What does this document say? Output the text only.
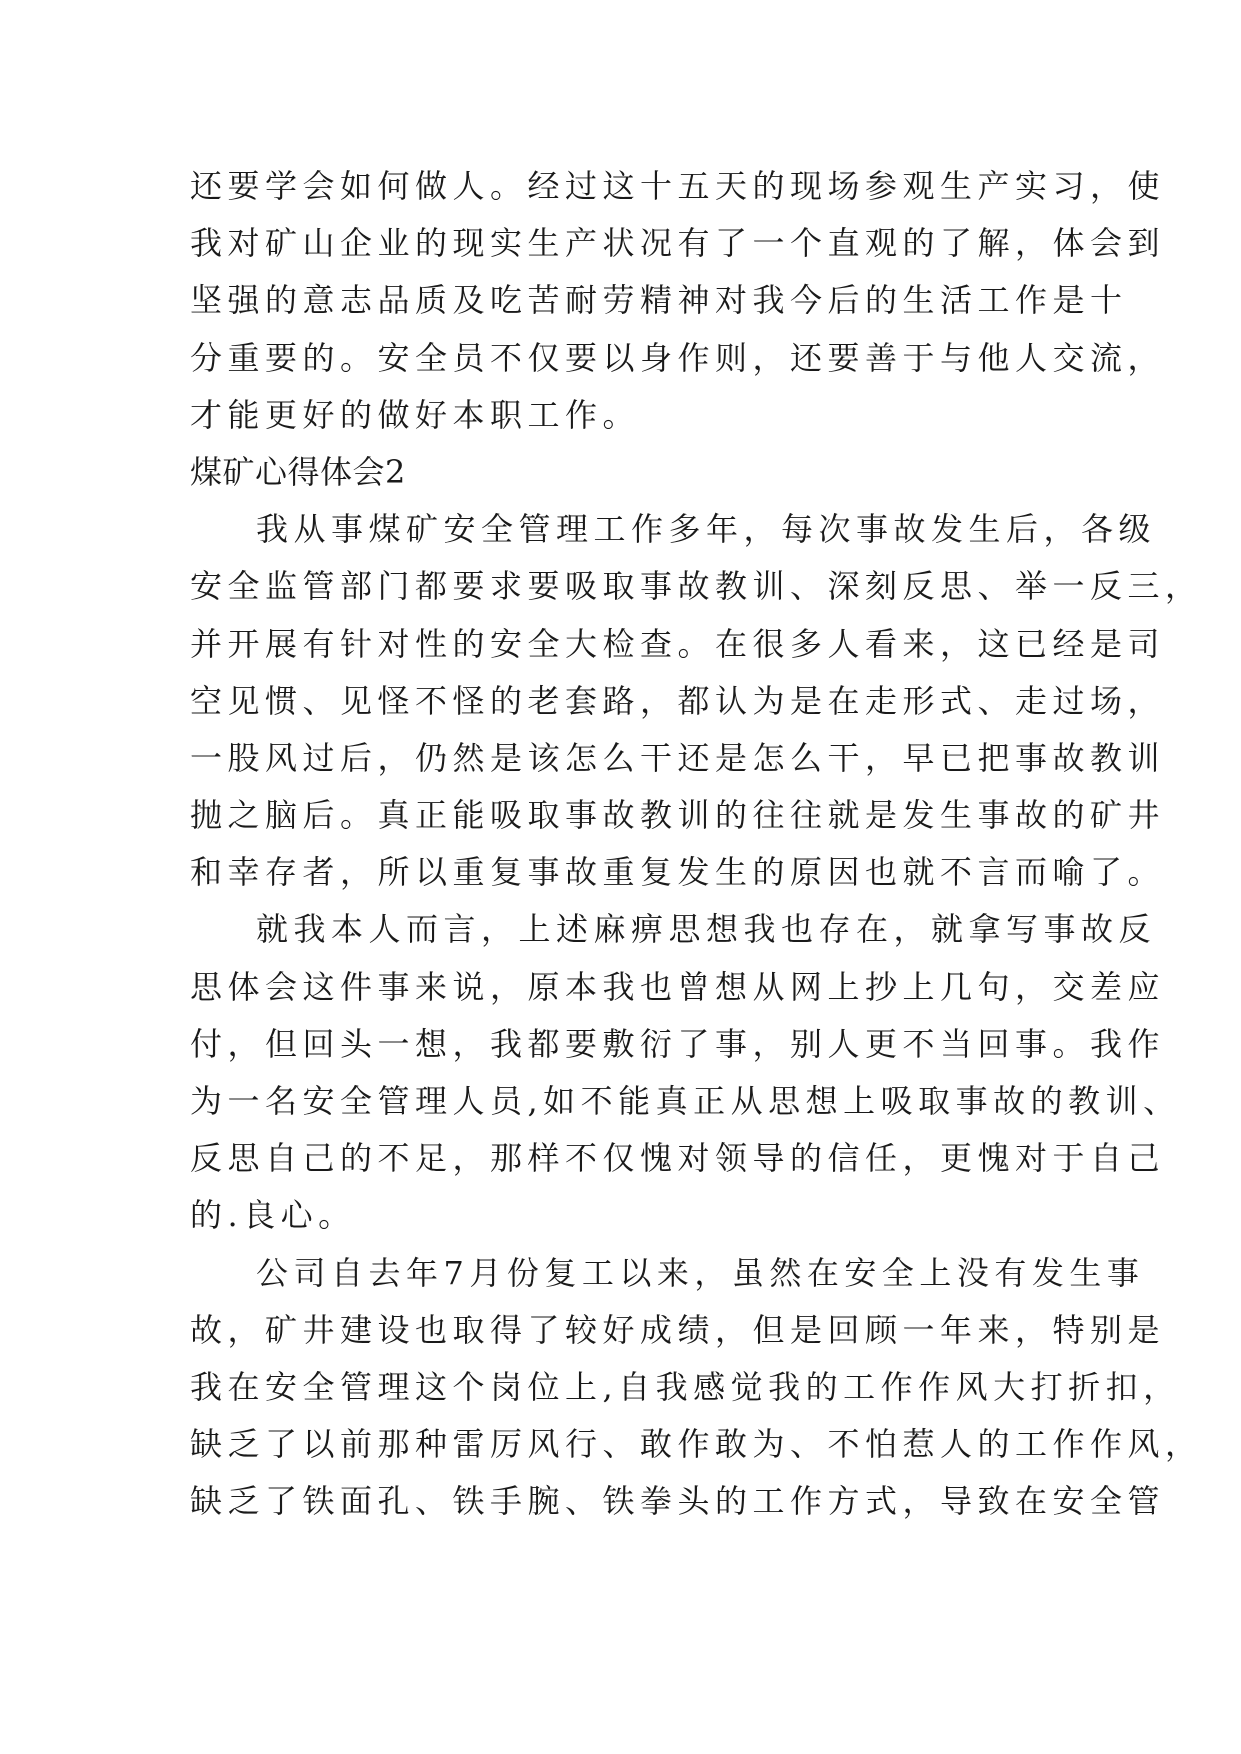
还要学会如何做人。经过这十五天的现场参观生产实习，使
我对矿山企业的现实生产状况有了一个直观的了解，体会到
坚强的意志品质及吃苦耐劳精神对我今后的生活工作是十
分重要的。安全员不仅要以身作则，还要善于与他人交流，
才能更好的做好本职工作。
煤矿心得体会2
我从事煤矿安全管理工作多年，每次事故发生后，各级
安全监管部门都要求要吸取事故教训、深刻反思、举一反三，
并开展有针对性的安全大检查。在很多人看来，这已经是司
空见惯、见怪不怪的老套路，都认为是在走形式、走过场，
一股风过后，仍然是该怎么干还是怎么干，早已把事故教训
抛之脑后。真正能吸取事故教训的往往就是发生事故的矿井
和幸存者，所以重复事故重复发生的原因也就不言而喻了。
就我本人而言，上述麻痹思想我也存在，就拿写事故反
思体会这件事来说，原本我也曾想从网上抄上几句，交差应
付，但回头一想，我都要敷衍了事，别人更不当回事。我作
为一名安全管理人员,如不能真正从思想上吸取事故的教训、
反思自己的不足，那样不仅愧对领导的信任，更愧对于自己
的.良心。
公司自去年7月份复工以来，虽然在安全上没有发生事
故，矿井建设也取得了较好成绩，但是回顾一年来，特别是
我在安全管理这个岗位上,自我感觉我的工作作风大打折扣，
缺乏了以前那种雷厉风行、敢作敢为、不怕惹人的工作作风，
缺乏了铁面孔、铁手腕、铁拳头的工作方式，导致在安全管
